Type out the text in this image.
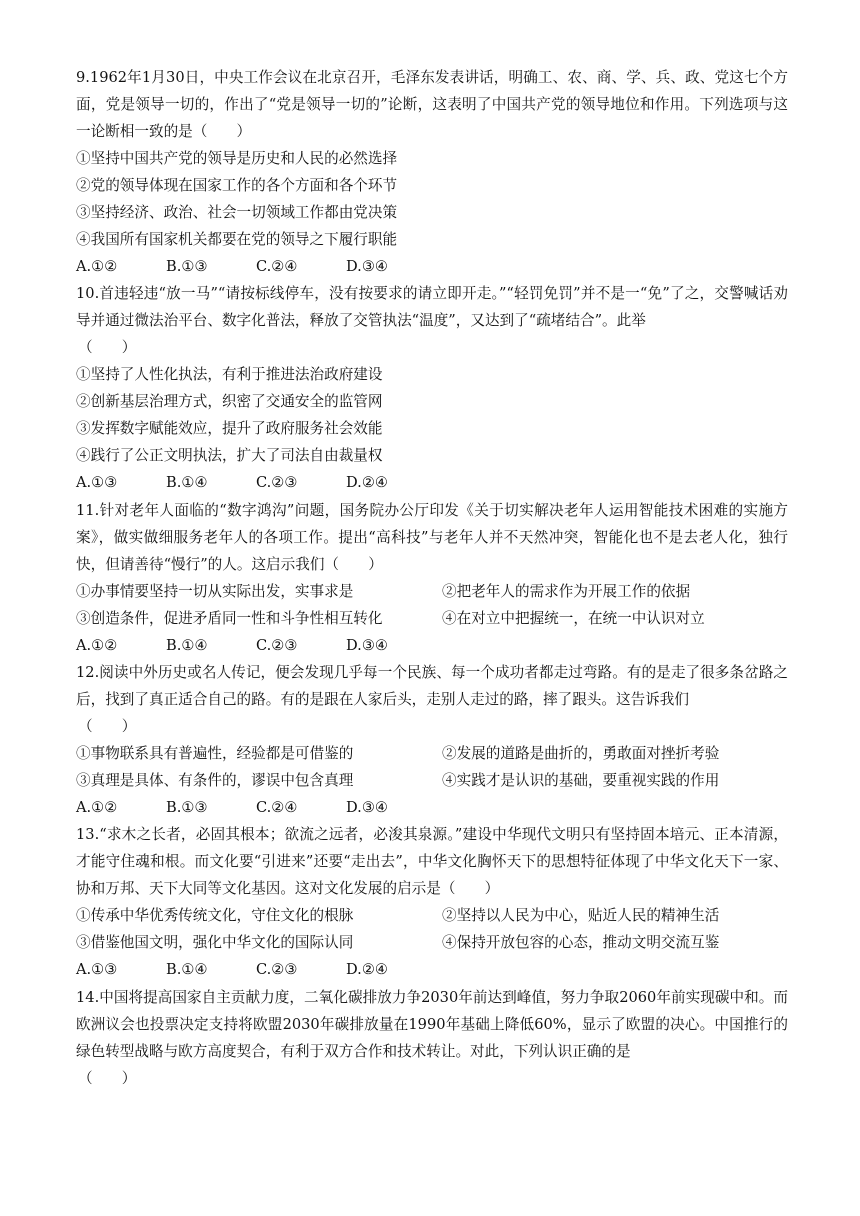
9.1962年1月30日，中央工作会议在北京召开，毛泽东发表讲话，明确工、农、商、学、兵、政、党这七个方面，党是领导一切的，作出了“党是领导一切的”论断，这表明了中国共产党的领导地位和作用。下列选项与这一论断相一致的是（　　）
①坚持中国共产党的领导是历史和人民的必然选择
②党的领导体现在国家工作的各个方面和各个环节
③坚持经济、政治、社会一切领域工作都由党决策
④我国所有国家机关都要在党的领导之下履行职能
A.①②	B.①③	C.②④	D.③④
10.首违轻违“放一马”“请按标线停车，没有按要求的请立即开走。”“轻罚免罚”并不是一“免”了之，交警喊话劝导并通过微法治平台、数字化普法，释放了交管执法“温度”，又达到了“疏堵结合”。此举
（　　）
①坚持了人性化执法，有利于推进法治政府建设
②创新基层治理方式，织密了交通安全的监管网
③发挥数字赋能效应，提升了政府服务社会效能
④践行了公正文明执法，扩大了司法自由裁量权
A.①③	B.①④	C.②③	D.②④
11.针对老年人面临的“数字鸿沟”问题，国务院办公厅印发《关于切实解决老年人运用智能技术困难的实施方案》，做实做细服务老年人的各项工作。提出“高科技”与老年人并不天然冲突，智能化也不是去老人化，独行快，但请善待“慢行”的人。这启示我们（　　）
①办事情要坚持一切从实际出发，实事求是	②把老年人的需求作为开展工作的依据
③创造条件，促进矛盾同一性和斗争性相互转化	④在对立中把握统一，在统一中认识对立
A.①②	B.①④	C.②③	D.③④
12.阅读中外历史或名人传记，便会发现几乎每一个民族、每一个成功者都走过弯路。有的是走了很多条岔路之后，找到了真正适合自己的路。有的是跟在人家后头，走别人走过的路，摔了跟头。这告诉我们
（　　）
①事物联系具有普遍性，经验都是可借鉴的	②发展的道路是曲折的，勇敢面对挫折考验
③真理是具体、有条件的，谬误中包含真理	④实践才是认识的基础，要重视实践的作用
A.①②	B.①③	C.②④	D.③④
13.“求木之长者，必固其根本；欲流之远者，必浚其泉源。”建设中华现代文明只有坚持固本培元、正本清源，才能守住魂和根。而文化要“引进来”还要“走出去”，中华文化胸怀天下的思想特征体现了中华文化天下一家、协和万邦、天下大同等文化基因。这对文化发展的启示是（　　）
①传承中华优秀传统文化，守住文化的根脉	②坚持以人民为中心，贴近人民的精神生活
③借鉴他国文明，强化中华文化的国际认同	④保持开放包容的心态，推动文明交流互鉴
A.①③	B.①④	C.②③	D.②④
14.中国将提高国家自主贡献力度，二氧化碳排放力争2030年前达到峰值，努力争取2060年前实现碳中和。而欧洲议会也投票决定支持将欧盟2030年碳排放量在1990年基础上降低60%，显示了欧盟的决心。中国推行的绿色转型战略与欧方高度契合，有利于双方合作和技术转让。对此，下列认识正确的是
（　　）
